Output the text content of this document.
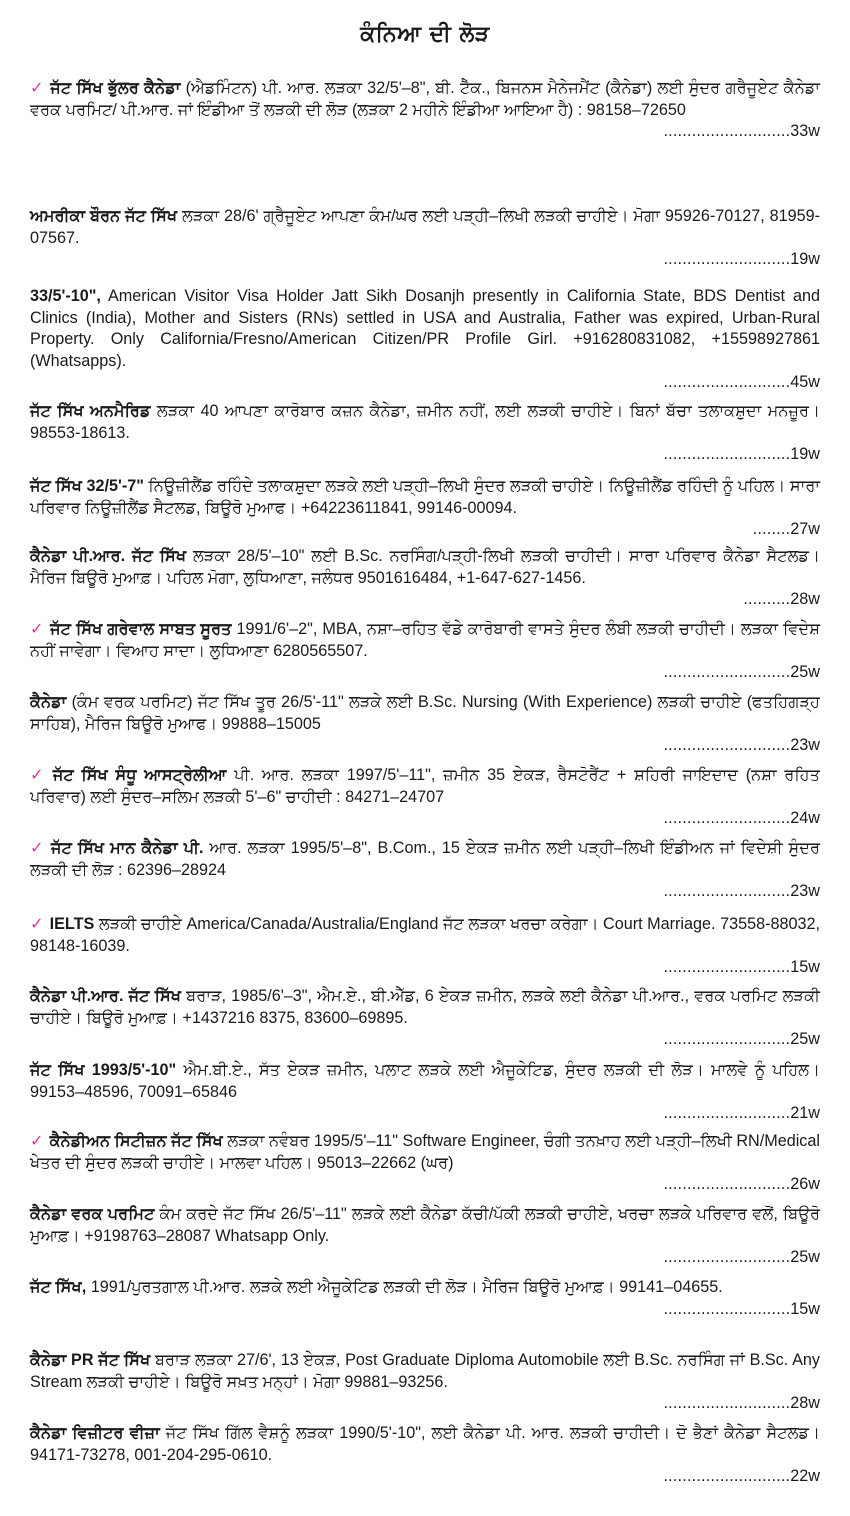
ਕੰਨਿਆ ਦੀ ਲੋੜ
✓ ਜੱਟ ਸਿੱਖ ਭੁੱਲਰ ਕੈਨੇਡਾ (ਐਡਮਿੰਟਨ) ਪੀ. ਆਰ. ਲੜਕਾ 32/5'–8", ਬੀ. ਟੈੱਕ., ਬਿਜਨਸ ਮੈਨੇਜਮੈਂਟ (ਕੈਨੇਡਾ) ਲਈ ਸੁੰਦਰ ਗਰੈਜੂਏਟ ਕੈਨੇਡਾ ਵਰਕ ਪਰਮਿਟ/ ਪੀ.ਆਰ. ਜਾਂ ਇੰਡੀਆ ਤੋਂ ਲੜਕੀ ਦੀ ਲੋੜ (ਲੜਕਾ 2 ਮਹੀਨੇ ਇੰਡੀਆ ਆਇਆ ਹੈ) : 98158–72650
........................... 33w
ਅਮਰੀਕਾ ਬੌਰਨ ਜੱਟ ਸਿੱਖ ਲੜਕਾ 28/6' ਗ੍ਰੈਜੂਏਟ ਆਪਣਾ ਕੰਮ/ਘਰ ਲਈ ਪੜ੍ਹੀ–ਲਿਖੀ ਲੜਕੀ ਚਾਹੀਏ। ਮੋਗਾ 95926-70127, 81959-07567.
........................... 19w
33/5'-10", American Visitor Visa Holder Jatt Sikh Dosanjh presently in California State, BDS Dentist and Clinics (India), Mother and Sisters (RNs) settled in USA and Australia, Father was expired, Urban-Rural Property. Only California/Fresno/American Citizen/PR Profile Girl. +916280831082, +15598927861 (Whatsapps).
........................... 45w
ਜੱਟ ਸਿੱਖ ਅਨਮੈਰਿਡ ਲੜਕਾ 40 ਆਪਣਾ ਕਾਰੋਬਾਰ ਕਜ਼ਨ ਕੈਨੇਡਾ, ਜ਼ਮੀਨ ਨਹੀਂ, ਲਈ ਲੜਕੀ ਚਾਹੀਏ। ਬਿਨਾਂ ਬੱਚਾ ਤਲਾਕਸ਼ੁਦਾ ਮਨਜ਼ੂਰ। 98553-18613.
........................... 19w
ਜੱਟ ਸਿੱਖ 32/5'-7" ਨਿਊਜ਼ੀਲੈਂਡ ਰਹਿੰਦੇ ਤਲਾਕਸ਼ੁਦਾ ਲੜਕੇ ਲਈ ਪੜ੍ਹੀ–ਲਿਖੀ ਸੁੰਦਰ ਲੜਕੀ ਚਾਹੀਏ। ਨਿਊਜ਼ੀਲੈਂਡ ਰਹਿੰਦੀ ਨੂੰ ਪਹਿਲ। ਸਾਰਾ ਪਰਿਵਾਰ ਨਿਊਜ਼ੀਲੈਂਡ ਸੈਟਲਡ, ਬਿਊਰੋ ਮੁਆਫ। +64223611841, 99146-00094.
........ 27w
ਕੈਨੇਡਾ ਪੀ.ਆਰ. ਜੱਟ ਸਿੱਖ ਲੜਕਾ 28/5'–10" ਲਈ B.Sc. ਨਰਸਿੰਗ/ਪੜ੍ਹੀ-ਲਿਖੀ ਲੜਕੀ ਚਾਹੀਦੀ। ਸਾਰਾ ਪਰਿਵਾਰ ਕੈਨੇਡਾ ਸੈਟਲਡ। ਮੈਰਿਜ ਬਿਊਰੋ ਮੁਆਫ਼। ਪਹਿਲ ਮੋਗਾ, ਲੁਧਿਆਣਾ, ਜਲੰਧਰ 9501616484, +1-647-627-1456.
.......... 28w
✓ ਜੱਟ ਸਿੱਖ ਗਰੇਵਾਲ ਸਾਬਤ ਸੂਰਤ 1991/6'–2", MBA, ਨਸ਼ਾ–ਰਹਿਤ ਵੱਡੇ ਕਾਰੋਬਾਰੀ ਵਾਸਤੇ ਸੁੰਦਰ ਲੰਬੀ ਲੜਕੀ ਚਾਹੀਦੀ। ਲੜਕਾ ਵਿਦੇਸ਼ ਨਹੀਂ ਜਾਵੇਗਾ। ਵਿਆਹ ਸਾਦਾ। ਲੁਧਿਆਣਾ 6280565507.
........................... 25w
ਕੈਨੇਡਾ (ਕੰਮ ਵਰਕ ਪਰਮਿਟ) ਜੱਟ ਸਿੱਖ ਤੂਰ 26/5'-11" ਲੜਕੇ ਲਈ B.Sc. Nursing (With Experience) ਲੜਕੀ ਚਾਹੀਏ (ਫਤਹਿਗੜ੍ਹ ਸਾਹਿਬ), ਮੈਰਿਜ ਬਿਊਰੋ ਮੁਆਫ। 99888–15005
........................... 23w
✓ ਜੱਟ ਸਿੱਖ ਸੰਧੂ ਆਸਟ੍ਰੇਲੀਆ ਪੀ. ਆਰ. ਲੜਕਾ 1997/5'–11", ਜ਼ਮੀਨ 35 ਏਕੜ, ਰੈਸਟੋਰੈਂਟ + ਸ਼ਹਿਰੀ ਜਾਇਦਾਦ (ਨਸ਼ਾ ਰਹਿਤ ਪਰਿਵਾਰ) ਲਈ ਸੁੰਦਰ–ਸਲਿਮ ਲੜਕੀ 5'–6" ਚਾਹੀਦੀ : 84271–24707
........................... 24w
✓ ਜੱਟ ਸਿੱਖ ਮਾਨ ਕੈਨੇਡਾ ਪੀ. ਆਰ. ਲੜਕਾ 1995/5'–8", B.Com., 15 ਏਕੜ ਜ਼ਮੀਨ ਲਈ ਪੜ੍ਹੀ–ਲਿਖੀ ਇੰਡੀਅਨ ਜਾਂ ਵਿਦੇਸ਼ੀ ਸੁੰਦਰ ਲੜਕੀ ਦੀ ਲੋੜ : 62396–28924
........................... 23w
✓ IELTS ਲੜਕੀ ਚਾਹੀਏ America/Canada/Australia/England ਜੱਟ ਲੜਕਾ ਖਰਚਾ ਕਰੇਗਾ। Court Marriage. 73558-88032, 98148-16039.
........................... 15w
ਕੈਨੇਡਾ ਪੀ.ਆਰ. ਜੱਟ ਸਿੱਖ ਬਰਾੜ, 1985/6'–3", ਐਮ.ਏ., ਬੀ.ਐੱਡ, 6 ਏਕੜ ਜ਼ਮੀਨ, ਲੜਕੇ ਲਈ ਕੈਨੇਡਾ ਪੀ.ਆਰ., ਵਰਕ ਪਰਮਿਟ ਲੜਕੀ ਚਾਹੀਏ। ਬਿਊਰੋ ਮੁਆਫ਼। +1437216 8375, 83600–69895.
........................... 25w
ਜੱਟ ਸਿੱਖ 1993/5'-10" ਐਮ.ਬੀ.ਏ., ਸੱਤ ਏਕੜ ਜ਼ਮੀਨ, ਪਲਾਟ ਲੜਕੇ ਲਈ ਐਜੂਕੇਟਿਡ, ਸੁੰਦਰ ਲੜਕੀ ਦੀ ਲੋੜ। ਮਾਲਵੇ ਨੂੰ ਪਹਿਲ। 99153–48596, 70091–65846
........................... 21w
✓ ਕੈਨੇਡੀਅਨ ਸਿਟੀਜ਼ਨ ਜੱਟ ਸਿੱਖ ਲੜਕਾ ਨਵੰਬਰ 1995/5'–11" Software Engineer, ਚੰਗੀ ਤਨਖ਼ਾਹ ਲਈ ਪੜ੍ਹੀ–ਲਿਖੀ RN/Medical ਖੇਤਰ ਦੀ ਸੁੰਦਰ ਲੜਕੀ ਚਾਹੀਏ। ਮਾਲਵਾ ਪਹਿਲ। 95013–22662 (ਘਰ)
........................... 26w
ਕੈਨੇਡਾ ਵਰਕ ਪਰਮਿਟ ਕੰਮ ਕਰਦੇ ਜੱਟ ਸਿੱਖ 26/5'–11" ਲੜਕੇ ਲਈ ਕੈਨੇਡਾ ਕੱਚੀ/ਪੱਕੀ ਲੜਕੀ ਚਾਹੀਏ, ਖਰਚਾ ਲੜਕੇ ਪਰਿਵਾਰ ਵਲੋਂ, ਬਿਊਰੋ ਮੁਆਫ਼। +9198763–28087 Whatsapp Only.
........................... 25w
ਜੱਟ ਸਿੱਖ, 1991/ਪੁਰਤਗਾਲ ਪੀ.ਆਰ. ਲੜਕੇ ਲਈ ਐਜੂਕੇਟਿਡ ਲੜਕੀ ਦੀ ਲੋੜ। ਮੈਰਿਜ ਬਿਊਰੋ ਮੁਆਫ਼। 99141–04655.
........................... 15w
ਕੈਨੇਡਾ PR ਜੱਟ ਸਿੱਖ ਬਰਾੜ ਲੜਕਾ 27/6', 13 ਏਕੜ, Post Graduate Diploma Automobile ਲਈ B.Sc. ਨਰਸਿੰਗ ਜਾਂ B.Sc. Any Stream ਲੜਕੀ ਚਾਹੀਏ। ਬਿਊਰੋ ਸਖ਼ਤ ਮਨ੍ਹਾਂ। ਮੋਗਾ 99881–93256.
........................... 28w
ਕੈਨੇਡਾ ਵਿਜ਼ੀਟਰ ਵੀਜ਼ਾ ਜੱਟ ਸਿੱਖ ਗਿੱਲ ਵੈਸ਼ਨੂੰ ਲੜਕਾ 1990/5'-10", ਲਈ ਕੈਨੇਡਾ ਪੀ. ਆਰ. ਲੜਕੀ ਚਾਹੀਦੀ। ਦੋ ਭੈਣਾਂ ਕੈਨੇਡਾ ਸੈਟਲਡ। 94171-73278, 001-204-295-0610.
........................... 22w
